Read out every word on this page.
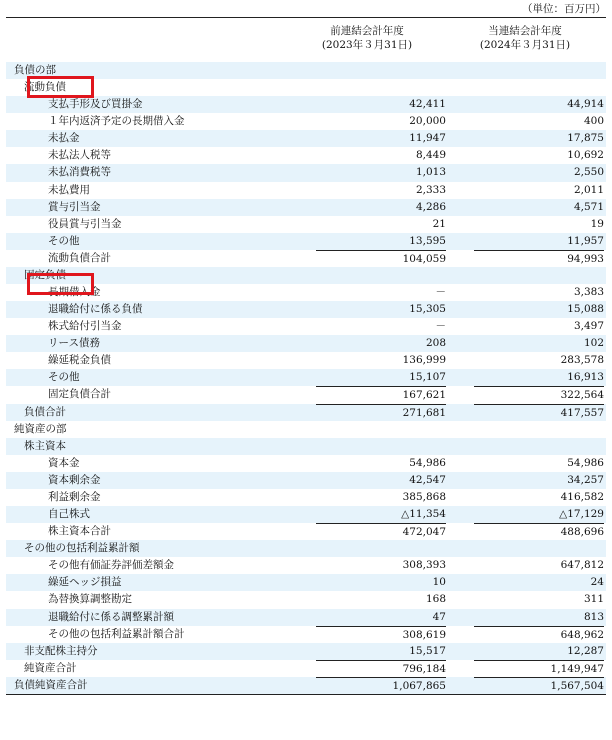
（単位：百万円）
前連結会計年度
(2023年３月31日)
当連結会計年度
(2024年３月31日)
負債の部
流動負債
支払手形及び買掛金	42,411	44,914
１年内返済予定の長期借入金	20,000	400
未払金	11,947	17,875
未払法人税等	8,449	10,692
未払消費税等	1,013	2,550
未払費用	2,333	2,011
賞与引当金	4,286	4,571
役員賞与引当金	21	19
その他	13,595	11,957
流動負債合計	104,059	94,993
固定負債
長期借入金	－	3,383
退職給付に係る負債	15,305	15,088
株式給付引当金	－	3,497
リース債務	208	102
繰延税金負債	136,999	283,578
その他	15,107	16,913
固定負債合計	167,621	322,564
負債合計	271,681	417,557
純資産の部
株主資本
資本金	54,986	54,986
資本剰余金	42,547	34,257
利益剰余金	385,868	416,582
自己株式	△11,354	△17,129
株主資本合計	472,047	488,696
その他の包括利益累計額
その他有価証券評価差額金	308,393	647,812
繰延ヘッジ損益	10	24
為替換算調整勘定	168	311
退職給付に係る調整累計額	47	813
その他の包括利益累計額合計	308,619	648,962
非支配株主持分	15,517	12,287
純資産合計	796,184	1,149,947
負債純資産合計	1,067,865	1,567,504
